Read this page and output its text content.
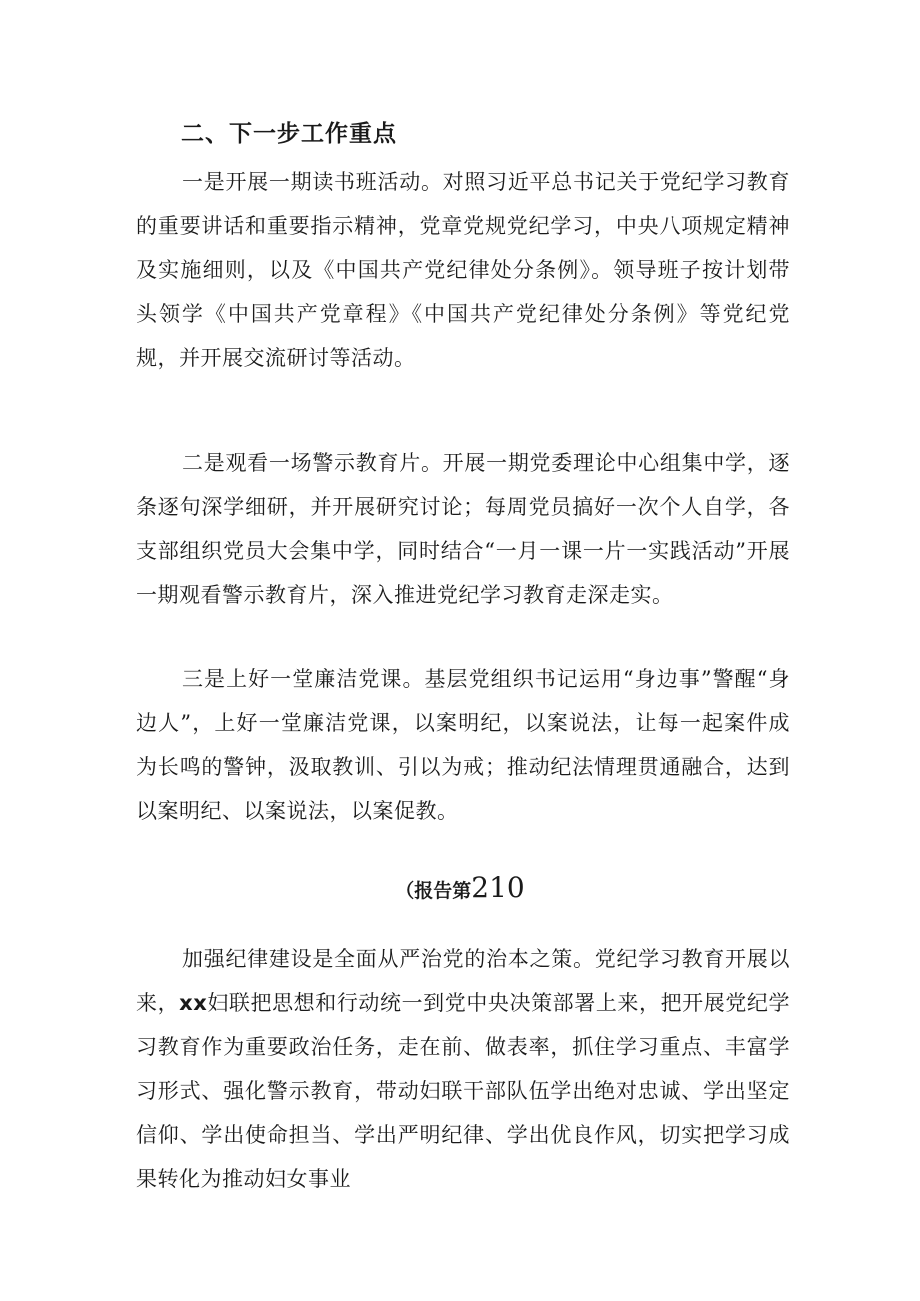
二、下一步工作重点

一是开展一期读书班活动。对照习近平总书记关于党纪学习教育的重要讲话和重要指示精神，党章党规党纪学习，中央八项规定精神及实施细则，以及《中国共产党纪律处分条例》。领导班子按计划带头领学《中国共产党章程》《中国共产党纪律处分条例》等党纪党规，并开展交流研讨等活动。

二是观看一场警示教育片。开展一期党委理论中心组集中学，逐条逐句深学细研，并开展研究讨论；每周党员搞好一次个人自学，各支部组织党员大会集中学，同时结合“一月一课一片一实践活动”开展一期观看警示教育片，深入推进党纪学习教育走深走实。

三是上好一堂廉洁党课。基层党组织书记运用“身边事”警醒“身边人”，上好一堂廉洁党课，以案明纪，以案说法，让每一起案件成为长鸣的警钟，汲取教训、引以为戒；推动纪法情理贯通融合，达到以案明纪、以案说法，以案促教。

（报告第210

加强纪律建设是全面从严治党的治本之策。党纪学习教育开展以来，xx妇联把思想和行动统一到党中央决策部署上来，把开展党纪学习教育作为重要政治任务，走在前、做表率，抓住学习重点、丰富学习形式、强化警示教育，带动妇联干部队伍学出绝对忠诚、学出坚定信仰、学出使命担当、学出严明纪律、学出优良作风，切实把学习成果转化为推动妇女事业
